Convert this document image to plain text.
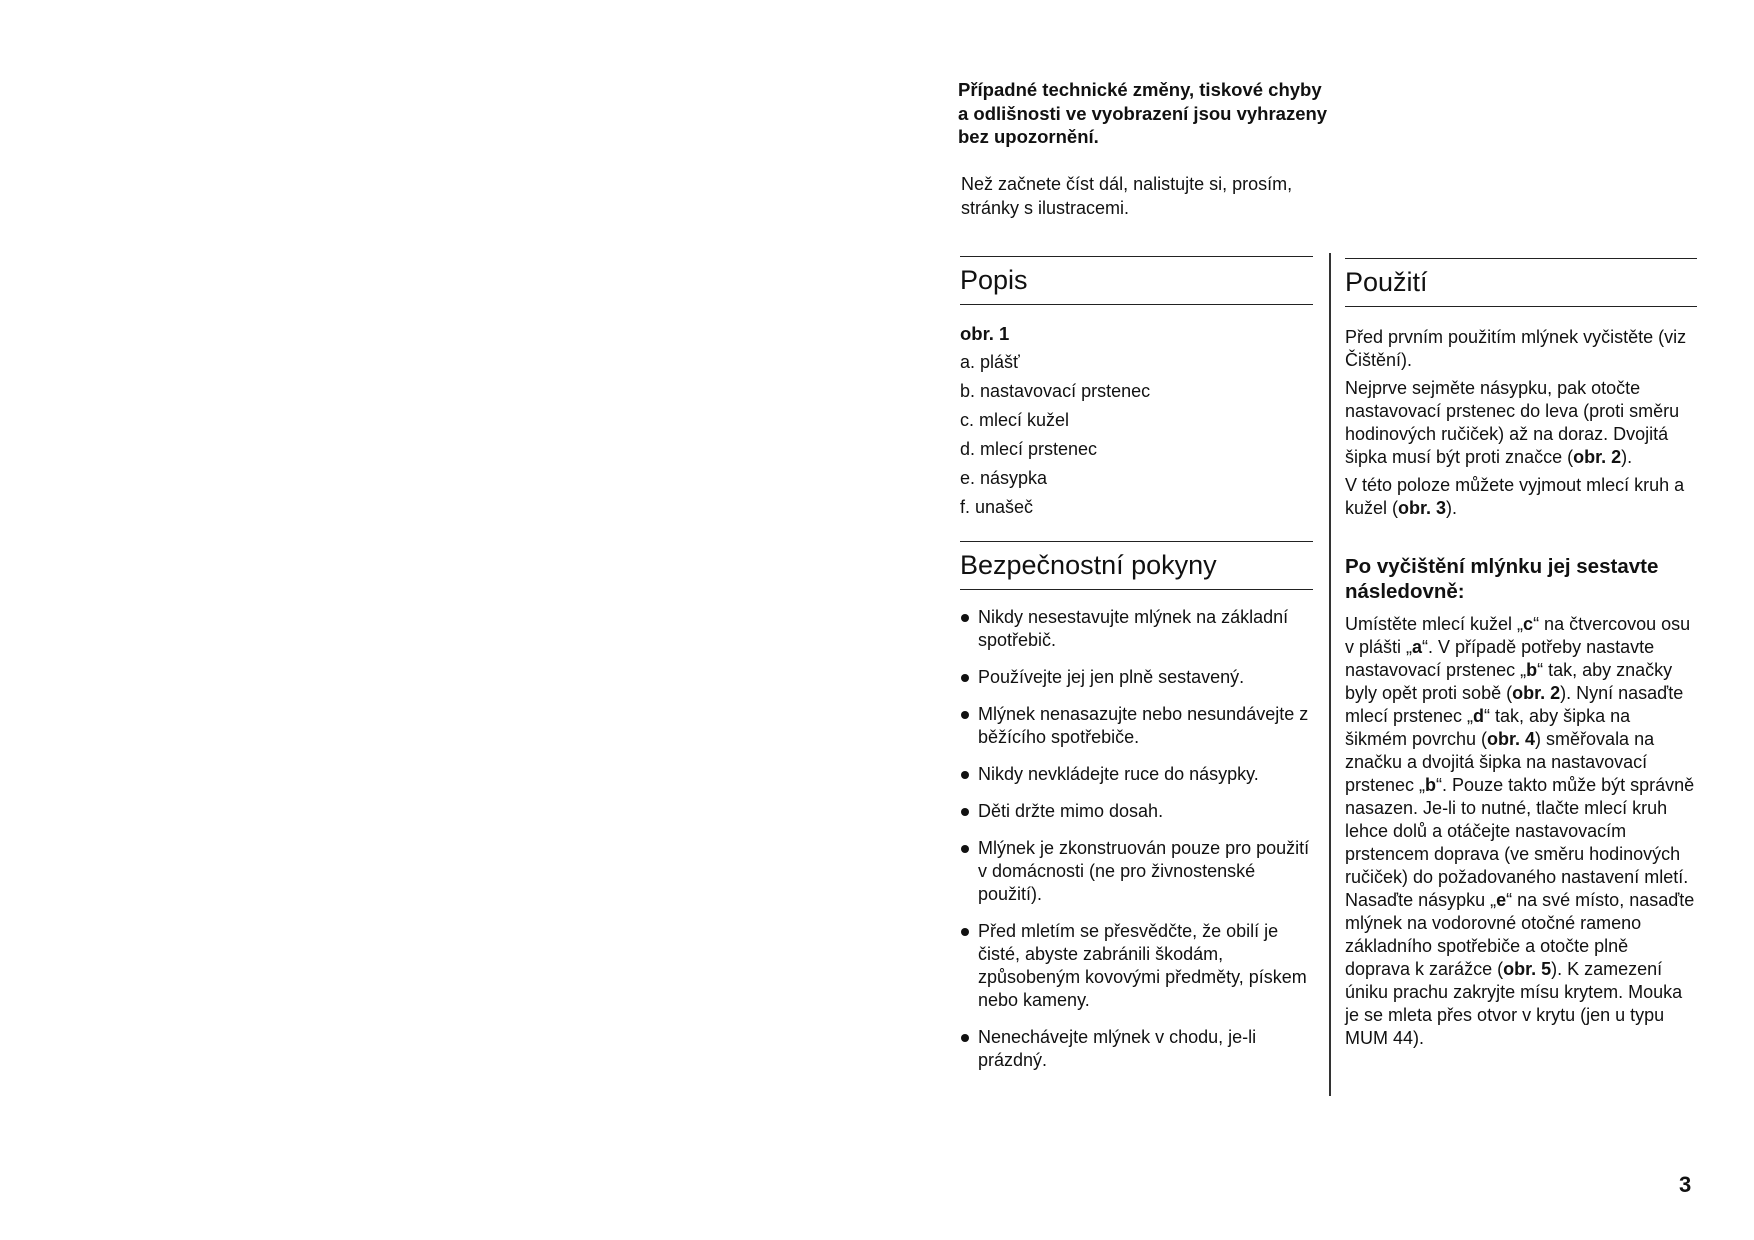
Případné technické změny, tiskové chyby a odlišnosti ve vyobrazení jsou vyhrazeny bez upozornění.
Než začnete číst dál, nalistujte si, prosím, stránky s ilustracemi.
Popis
obr. 1
a. plášť
b. nastavovací prstenec
c. mlecí kužel
d. mlecí prstenec
e. násypka
f. unašeč
Bezpečnostní pokyny
Nikdy nesestavujte mlýnek na základní spotřebič.
Používejte jej jen plně sestavený.
Mlýnek nenasazujte nebo nesundávejte z běžícího spotřebiče.
Nikdy nevkládejte ruce do násypky.
Děti držte mimo dosah.
Mlýnek je zkonstruován pouze pro použití v domácnosti (ne pro živnostenské použití).
Před mletím se přesvědčte, že obilí je čisté, abyste zabránili škodám, způsobeným kovovými předměty, pískem nebo kameny.
Nenechávejte mlýnek v chodu, je-li prázdný.
Použití

Před prvním použitím mlýnek vyčistěte (viz Čištění).

Nejprve sejměte násypku, pak otočte nastavovací prstenec do leva (proti směru hodinových ručiček) až na doraz. Dvojitá šipka musí být proti značce (obr. 2).

V této poloze můžete vyjmout mlecí kruh a kužel (obr. 3).

Po vyčištění mlýnku jej sestavte následovně:

Umístěte mlecí kužel „c“ na čtvercovou osu v plášti „a“. V případě potřeby nastavte nastavovací prstenec „b“ tak, aby značky byly opět proti sobě (obr. 2). Nyní nasaďte mlecí prstenec „d“ tak, aby šipka na šikmém povrchu (obr. 4) směřovala na značku a dvojitá šipka na nastavovací prstenec „b“. Pouze takto může být správně nasazen. Je-li to nutné, tlačte mlecí kruh lehce dolů a otáčejte nastavovacím prstencem doprava (ve směru hodinových ručiček) do požadovaného nastavení mletí. Nasaďte násypku „e“ na své místo, nasaďte mlýnek na vodorovné otočné rameno základního spotřebiče a otočte plně doprava k zarážce (obr. 5). K zamezení úniku prachu zakryjte mísu krytem. Mouka je se mleta přes otvor v krytu (jen u typu MUM 44).

3
